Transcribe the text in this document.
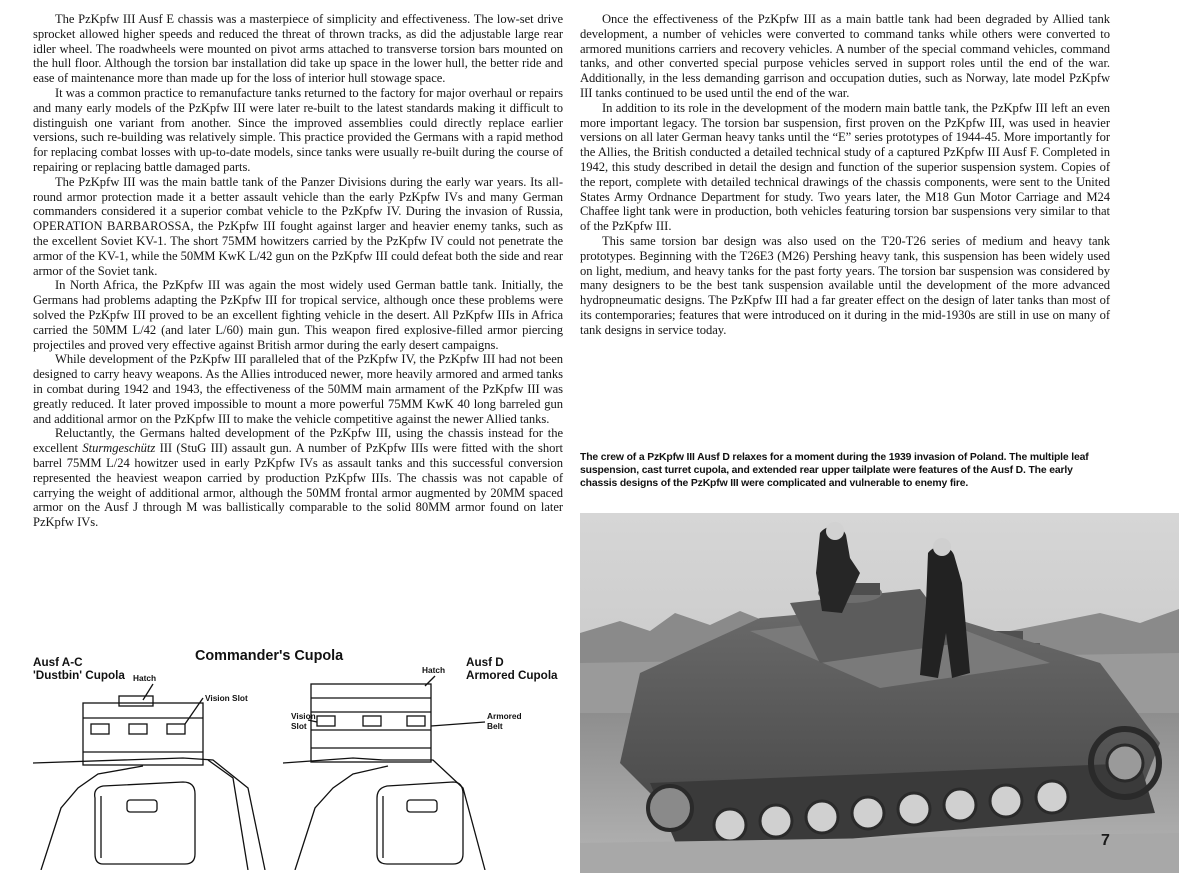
The PzKpfw III Ausf E chassis was a masterpiece of simplicity and effectiveness. The low-set drive sprocket allowed higher speeds and reduced the threat of thrown tracks, as did the adjustable large rear idler wheel. The roadwheels were mounted on pivot arms attached to transverse torsion bars mounted on the hull floor. Although the torsion bar installation did take up space in the lower hull, the better ride and ease of maintenance more than made up for the loss of interior hull stowage space.

It was a common practice to remanufacture tanks returned to the factory for major overhaul or repairs and many early models of the PzKpfw III were later re-built to the latest standards making it difficult to distinguish one variant from another. Since the improved assemblies could directly replace earlier versions, such re-building was relatively simple. This practice provided the Germans with a rapid method for replacing combat losses with up-to-date models, since tanks were usually re-built during the course of repairing or replacing battle damaged parts.

The PzKpfw III was the main battle tank of the Panzer Divisions during the early war years. Its all-round armor protection made it a better assault vehicle than the early PzKpfw IVs and many German commanders considered it a superior combat vehicle to the PzKpfw IV. During the invasion of Russia, OPERATION BARBAROSSA, the PzKpfw III fought against larger and heavier enemy tanks, such as the excellent Soviet KV-1. The short 75MM howitzers carried by the PzKpfw IV could not penetrate the armor of the KV-1, while the 50MM KwK L/42 gun on the PzKpfw III could defeat both the side and rear armor of the Soviet tank.

In North Africa, the PzKpfw III was again the most widely used German battle tank. Initially, the Germans had problems adapting the PzKpfw III for tropical service, although once these problems were solved the PzKpfw III proved to be an excellent fighting vehicle in the desert. All PzKpfw IIIs in Africa carried the 50MM L/42 (and later L/60) main gun. This weapon fired explosive-filled armor piercing projectiles and proved very effective against British armor during the early desert campaigns.

While development of the PzKpfw III paralleled that of the PzKpfw IV, the PzKpfw III had not been designed to carry heavy weapons. As the Allies introduced newer, more heavily armored and armed tanks in combat during 1942 and 1943, the effectiveness of the 50MM main armament of the PzKpfw III was greatly reduced. It later proved impossible to mount a more powerful 75MM KwK 40 long barreled gun and additional armor on the PzKpfw III to make the vehicle competitive against the newer Allied tanks.

Reluctantly, the Germans halted development of the PzKpfw III, using the chassis instead for the excellent Sturmgeschütz III (StuG III) assault gun. A number of PzKpfw IIIs were fitted with the short barrel 75MM L/24 howitzer used in early PzKpfw IVs as assault tanks and this successful conversion represented the heaviest weapon carried by production PzKpfw IIIs. The chassis was not capable of carrying the weight of additional armor, although the 50MM frontal armor augmented by 20MM spaced armor on the Ausf J through M was ballistically comparable to the solid 80MM armor found on later PzKpfw IVs.

Once the effectiveness of the PzKpfw III as a main battle tank had been degraded by Allied tank development, a number of vehicles were converted to command tanks while others were converted to armored munitions carriers and recovery vehicles. A number of the special command vehicles, command tanks, and other converted special purpose vehicles served in support roles until the end of the war. Additionally, in the less demanding garrison and occupation duties, such as Norway, late model PzKpfw III tanks continued to be used until the end of the war.

In addition to its role in the development of the modern main battle tank, the PzKpfw III left an even more important legacy. The torsion bar suspension, first proven on the PzKpfw III, was used in heavier versions on all later German heavy tanks until the “E” series prototypes of 1944-45. More importantly for the Allies, the British conducted a detailed technical study of a captured PzKpfw III Ausf F. Completed in 1942, this study described in detail the design and function of the superior suspension system. Copies of the report, complete with detailed technical drawings of the chassis components, were sent to the United States Army Ordnance Department for study. Two years later, the M18 Gun Motor Carriage and M24 Chaffee light tank were in production, both vehicles featuring torsion bar suspensions very similar to that of the PzKpfw III.

This same torsion bar design was also used on the T20-T26 series of medium and heavy tank prototypes. Beginning with the T26E3 (M26) Pershing heavy tank, this suspension has been widely used on light, medium, and heavy tanks for the past forty years. The torsion bar suspension was considered by many designers to be the best tank suspension available until the development of the more advanced hydropneumatic designs. The PzKpfw III had a far greater effect on the design of later tanks than most of its contemporaries; features that were introduced on it during in the mid-1930s are still in use on many of tank designs in service today.

The crew of a PzKpfw III Ausf D relaxes for a moment during the 1939 invasion of Poland. The multiple leaf suspension, cast turret cupola, and extended rear upper tailplate were features of the Ausf D. The early chassis designs of the PzKpfw III were complicated and vulnerable to enemy fire.

7
Commander's Cupola
Ausf A-C
'Dustbin' Cupola
Ausf D
Armored Cupola
Hatch
Vision Slot
Hatch
Vision
Slot
Armored
Belt
